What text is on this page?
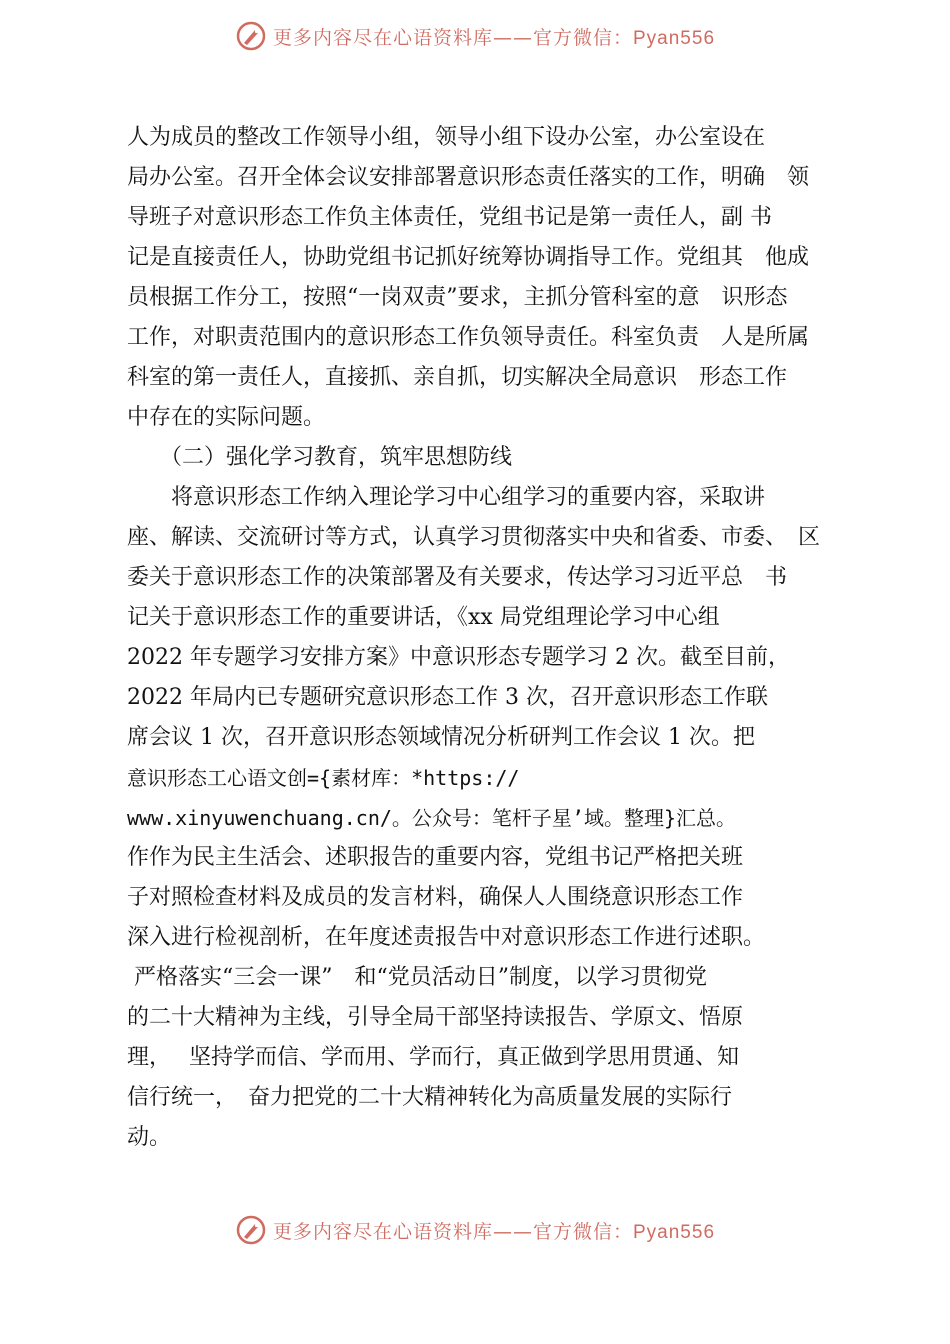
更多内容尽在心语资料库——官方微信：Pyan556
人为成员的整改工作领导小组，领导小组下设办公室，办公室设在
局办公室。召开全体会议安排部署意识形态责任落实的工作，明确　领
导班子对意识形态工作负主体责任，党组书记是第一责任人，副 书
记是直接责任人，协助党组书记抓好统筹协调指导工作。党组其　他成
员根据工作分工，按照“一岗双责”要求，主抓分管科室的意　识形态
工作，对职责范围内的意识形态工作负领导责任。科室负责　人是所属
科室的第一责任人，直接抓、亲自抓，切实解决全局意识　形态工作
中存在的实际问题。
　　（二）强化学习教育，筑牢思想防线
　　将意识形态工作纳入理论学习中心组学习的重要内容，采取讲
座、解读、交流研讨等方式，认真学习贯彻落实中央和省委、市委、　区
委关于意识形态工作的决策部署及有关要求，传达学习习近平总　书
记关于意识形态工作的重要讲话，《xx 局党组理论学习中心组
2022 年专题学习安排方案》中意识形态专题学习 2 次。截至目前，
2022 年局内已专题研究意识形态工作 3 次，召开意识形态工作联
席会议 1 次，召开意识形态领域情况分析研判工作会议 1 次。把
意识形态工心语文创={素材库：*https://
www.xinyuwenchuang.cn/。公众号：笔杆子星’域。整理}汇总。
作作为民主生活会、述职报告的重要内容，党组书记严格把关班
子对照检查材料及成员的发言材料，确保人人围绕意识形态工作
深入进行检视剖析，在年度述责报告中对意识形态工作进行述职。
严格落实“三会一课”　和“党员活动日”制度，以学习贯彻党
的二十大精神为主线，引导全局干部坚持读报告、学原文、悟原
理，　 坚持学而信、学而用、学而行，真正做到学思用贯通、知
信行统一，　奋力把党的二十大精神转化为高质量发展的实际行
动。
更多内容尽在心语资料库——官方微信：Pyan556
